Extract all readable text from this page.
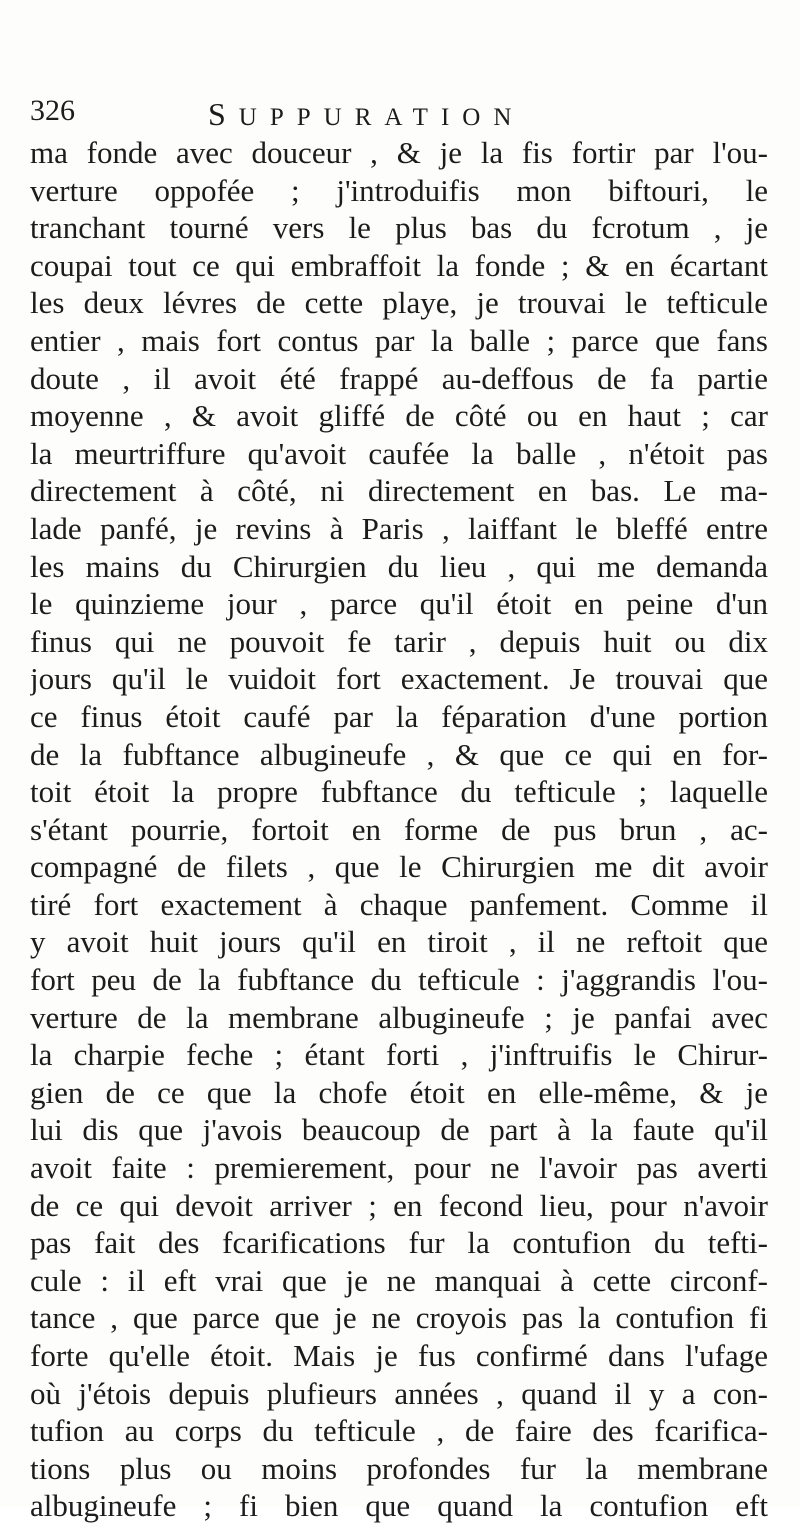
326	SUPPURATION
ma fonde avec douceur , & je la fis fortir par l'ou-
verture oppofée ; j'introduifis mon biftouri, le
tranchant tourné vers le plus bas du fcrotum , je
coupai tout ce qui embraffoit la fonde ; & en écartant
les deux lévres de cette playe, je trouvai le tefticule
entier , mais fort contus par la balle ; parce que fans
doute , il avoit été frappé au-deffous de fa partie
moyenne , & avoit gliffé de côté ou en haut ; car
la meurtriffure qu'avoit caufée la balle , n'étoit pas
directement à côté, ni directement en bas. Le ma-
lade panfé, je revins à Paris , laiffant le bleffé entre
les mains du Chirurgien du lieu , qui me demanda
le quinzieme jour , parce qu'il étoit en peine d'un
finus qui ne pouvoit fe tarir , depuis huit ou dix
jours qu'il le vuidoit fort exactement. Je trouvai que
ce finus étoit caufé par la féparation d'une portion
de la fubftance albugineufe , & que ce qui en for-
toit étoit la propre fubftance du tefticule ; laquelle
s'étant pourrie, fortoit en forme de pus brun , ac-
compagné de filets , que le Chirurgien me dit avoir
tiré fort exactement à chaque panfement. Comme il
y avoit huit jours qu'il en tiroit , il ne reftoit que
fort peu de la fubftance du tefticule : j'aggrandis l'ou-
verture de la membrane albugineufe ; je panfai avec
la charpie feche ; étant forti , j'inftruifis le Chirur-
gien de ce que la chofe étoit en elle-même, & je
lui dis que j'avois beaucoup de part à la faute qu'il
avoit faite : premierement, pour ne l'avoir pas averti
de ce qui devoit arriver ; en fecond lieu, pour n'avoir
pas fait des fcarifications fur la contufion du tefti-
cule : il eft vrai que je ne manquai à cette circonf-
tance , que parce que je ne croyois pas la contufion fi
forte qu'elle étoit. Mais je fus confirmé dans l'ufage
où j'étois depuis plufieurs années , quand il y a con-
tufion au corps du tefticule , de faire des fcarifica-
tions plus ou moins profondes fur la membrane
albugineufe ; fi bien que quand la contufion eft
